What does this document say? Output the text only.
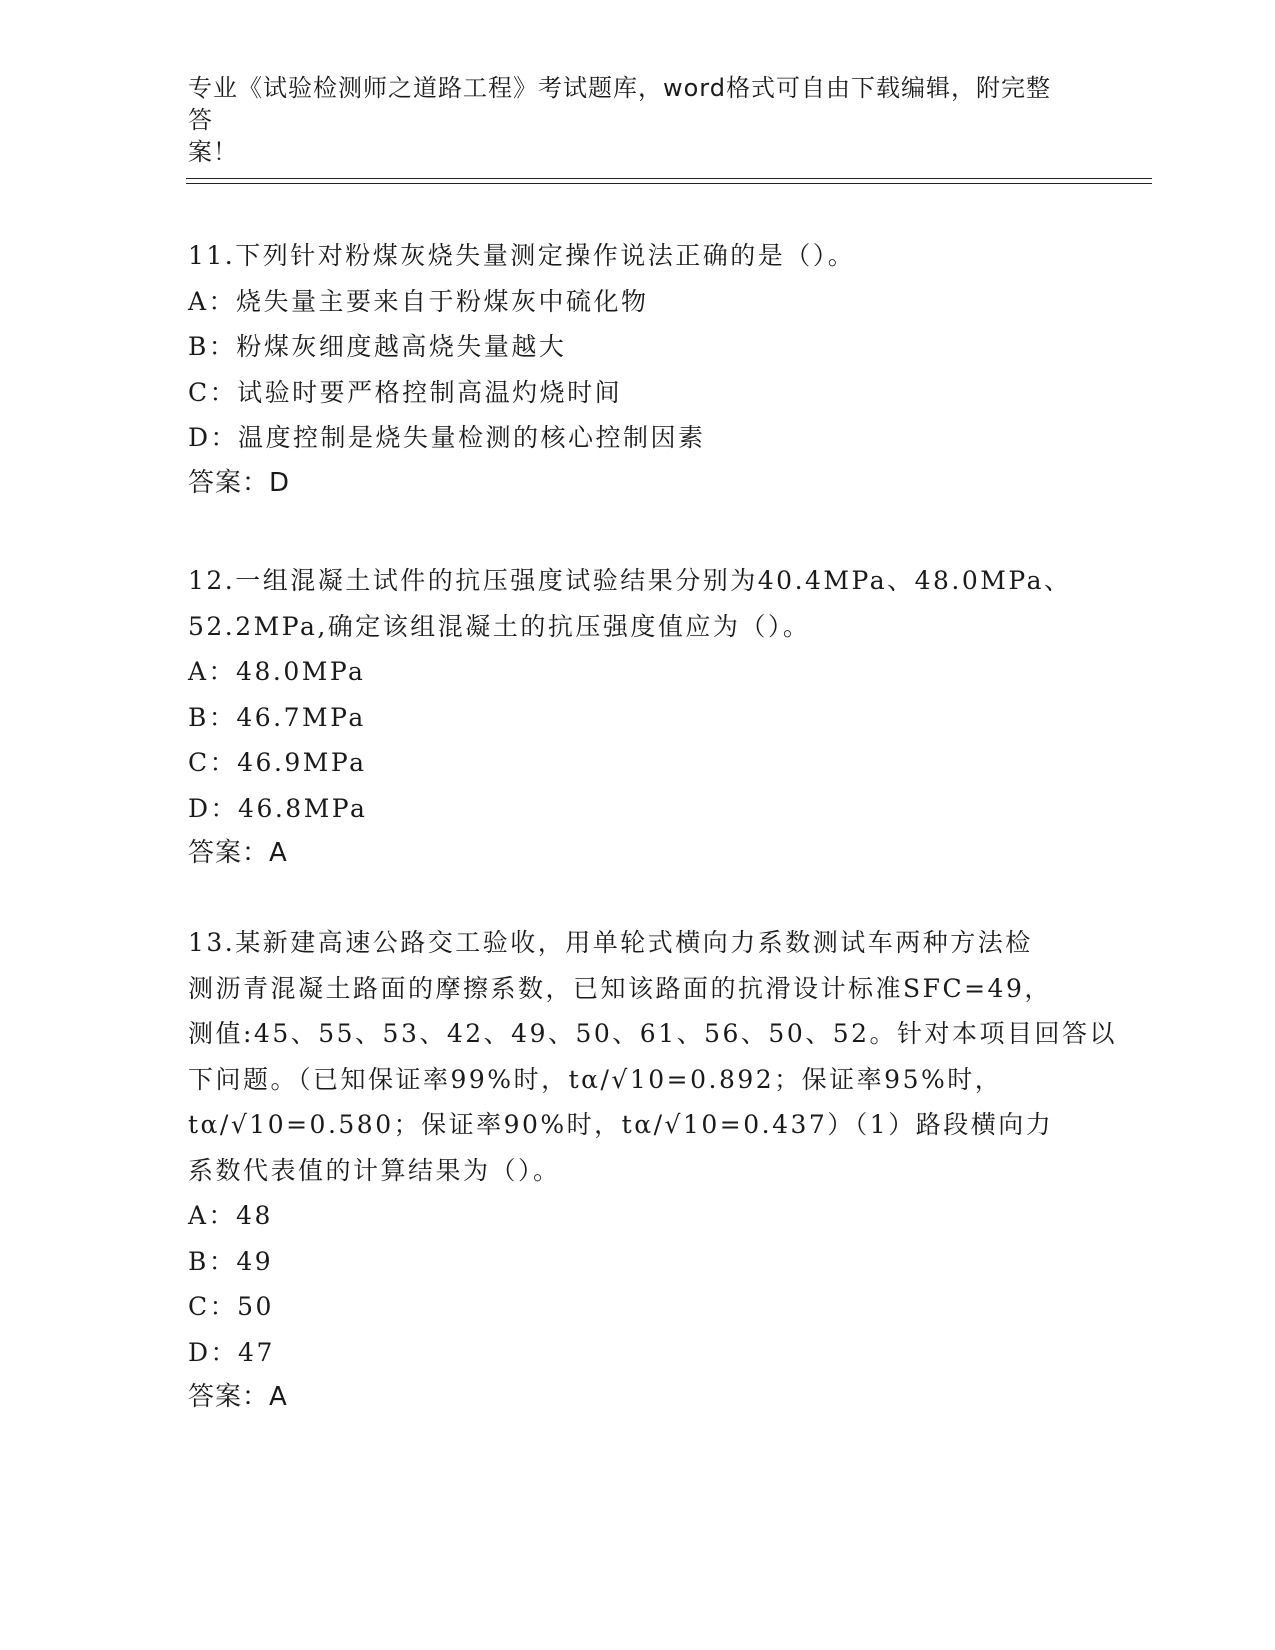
专业《试验检测师之道路工程》考试题库，word格式可自由下载编辑，附完整答
案！
11.下列针对粉煤灰烧失量测定操作说法正确的是（）。
A：烧失量主要来自于粉煤灰中硫化物
B：粉煤灰细度越高烧失量越大
C：试验时要严格控制高温灼烧时间
D：温度控制是烧失量检测的核心控制因素
答案：D
12.一组混凝土试件的抗压强度试验结果分别为40.4MPa、48.0MPa、
52.2MPa,确定该组混凝土的抗压强度值应为（）。
A：48.0MPa
B：46.7MPa
C：46.9MPa
D：46.8MPa
答案：A
13.某新建高速公路交工验收，用单轮式横向力系数测试车两种方法检
测沥青混凝土路面的摩擦系数，已知该路面的抗滑设计标准SFC=49，
测值:45、55、53、42、49、50、61、56、50、52。针对本项目回答以
下问题。（已知保证率99%时，tα/√10=0.892；保证率95%时，
tα/√10=0.580；保证率90%时，tα/√10=0.437）（1）路段横向力
系数代表值的计算结果为（）。
A：48
B：49
C：50
D：47
答案：A
